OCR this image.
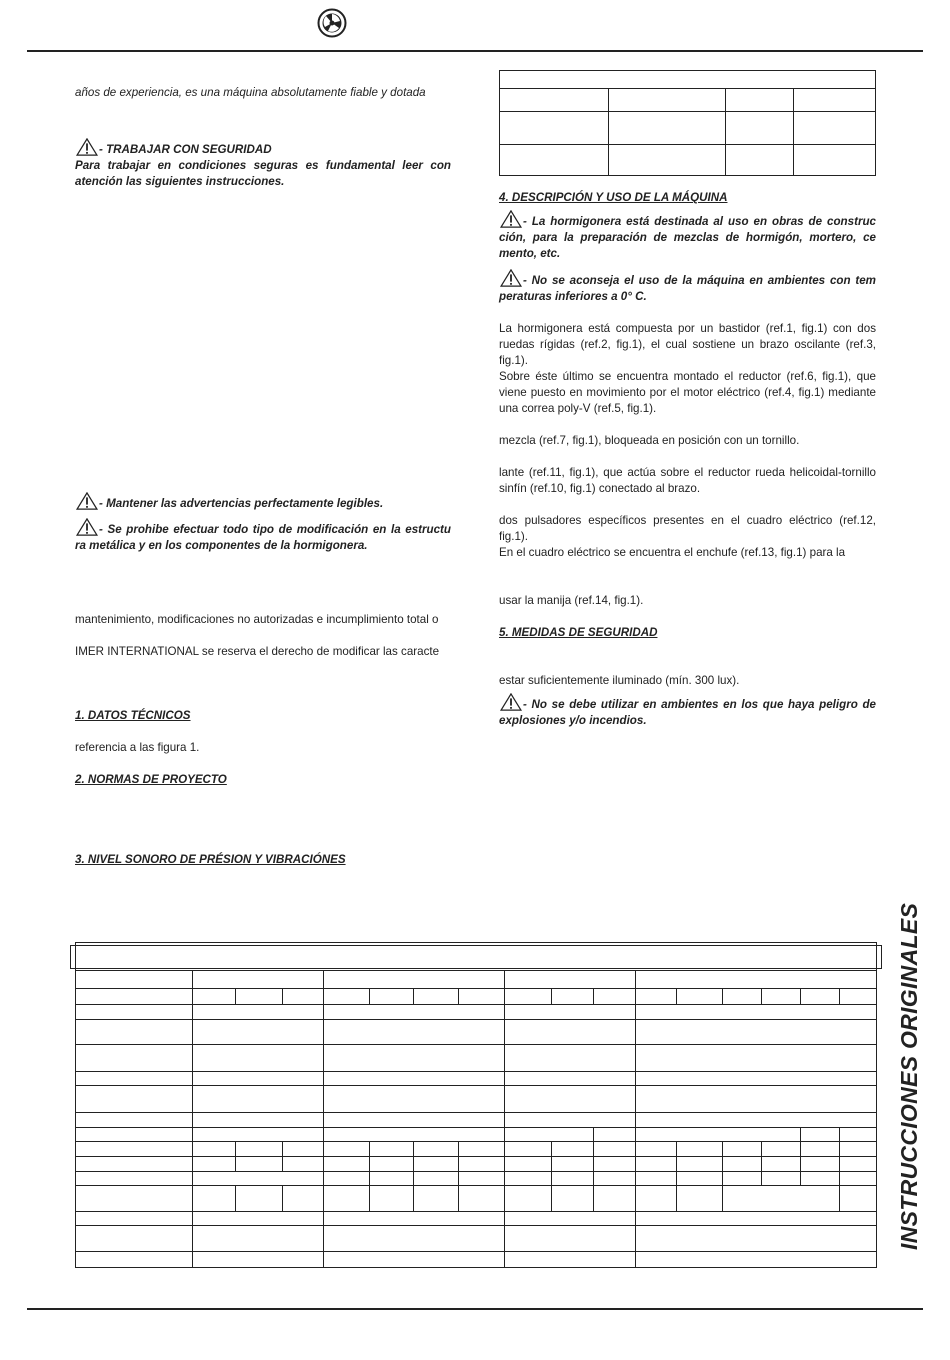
años de experiencia, es una máquina absolutamente fiable y dotada

- TRABAJAR CON SEGURIDAD

Para trabajar en condiciones seguras es fundamental leer con atención las siguientes instrucciones.

- Mantener las advertencias perfectamente legibles.

- Se prohibe efectuar todo tipo de modificación en la estructu ra metálica y en los componentes de la hormigonera.

mantenimiento, modificaciones no autorizadas e incumplimiento total o

IMER INTERNATIONAL se reserva el derecho de modificar las caracte

1. DATOS TÉCNICOS

referencia a las figura 1.

2. NORMAS DE PROYECTO

3. NIVEL SONORO DE PRÉSION Y VIBRACIÓNES

4. DESCRIPCIÓN Y USO DE LA MÁQUINA

- La hormigonera está destinada al uso en obras de construc ción, para la preparación de mezclas de hormigón, mortero, ce mento, etc.

- No se aconseja el uso de la máquina en ambientes con tem peraturas inferiores a 0° C.

La hormigonera está compuesta por un bastidor (ref.1, fig.1) con dos ruedas rígidas (ref.2, fig.1), el cual sostiene un brazo oscilante (ref.3, fig.1).

Sobre éste último se encuentra montado el reductor (ref.6, fig.1), que viene puesto en movimiento por el motor eléctrico (ref.4, fig.1) mediante una correa poly-V (ref.5, fig.1).

mezcla (ref.7, fig.1), bloqueada en posición con un tornillo.

lante (ref.11, fig.1), que actúa sobre el reductor rueda helicoidal-tornillo sinfín (ref.10, fig.1) conectado al brazo.

dos pulsadores específicos presentes en el cuadro eléctrico (ref.12, fig.1).

En el cuadro eléctrico se encuentra el enchufe (ref.13, fig.1) para la

usar la manija (ref.14, fig.1).

5. MEDIDAS DE SEGURIDAD

estar suficientemente iluminado (mín. 300 lux).

- No se debe utilizar en ambientes en los que haya peligro de explosiones y/o incendios.

INSTRUCCIONES ORIGINALES
